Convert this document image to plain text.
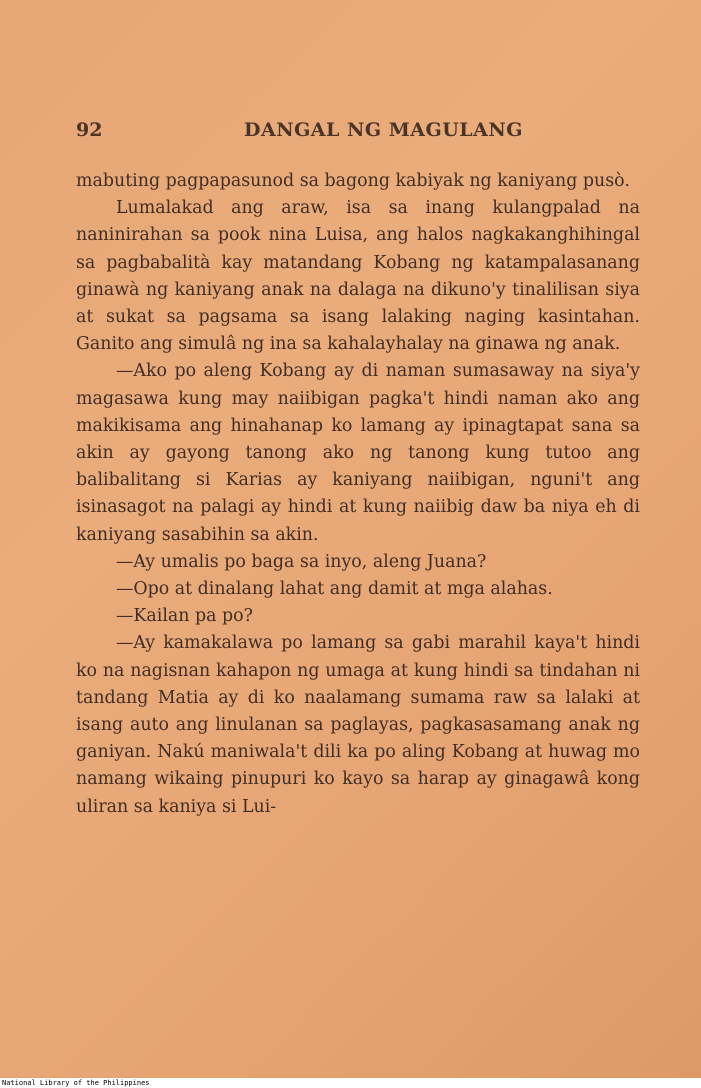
92	DANGAL NG MAGULANG

mabuting pagpapasunod sa bagong kabiyak ng kaniyang pusò.

Lumalakad ang araw, isa sa inang kulangpalad na naninirahan sa pook nina Luisa, ang halos nagkakanghihingal sa pagbabalità kay matandang Kobang ng katampalasanang ginawà ng kaniyang anak na dalaga na dikuno'y tinalilisan siya at sukat sa pagsama sa isang lalaking naging kasintahan. Ganito ang simulâ ng ina sa kahalayhalay na ginawa ng anak.

—Ako po aleng Kobang ay di naman sumasaway na siya'y magasawa kung may naiibigan pagka't hindi naman ako ang makikisama ang hinahanap ko lamang ay ipinagtapat sana sa akin ay gayong tanong ako ng tanong kung tutoo ang balibalitang si Karias ay kaniyang naiibigan, nguni't ang isinasagot na palagi ay hindi at kung naiibig daw ba niya eh di kaniyang sasabihin sa akin.

—Ay umalis po baga sa inyo, aleng Juana?

—Opo at dinalang lahat ang damit at mga alahas.

—Kailan pa po?

—Ay kamakalawa po lamang sa gabi marahil kaya't hindi ko na nagisnan kahapon ng umaga at kung hindi sa tindahan ni tandang Matia ay di ko naalamang sumama raw sa lalaki at isang auto ang linulanan sa paglayas, pagkasasamang anak ng ganiyan. Nakú maniwala't dili ka po aling Kobang at huwag mo namang wikaing pinupuri ko kayo sa harap ay ginagawâ kong uliran sa kaniya si Lui-

National Library of the Philippines
